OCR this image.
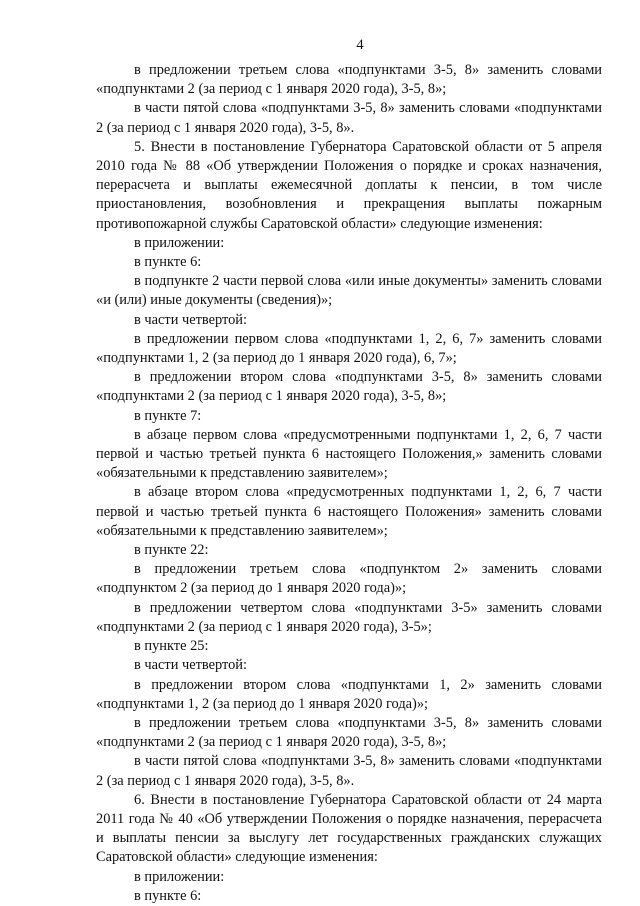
4

в предложении третьем слова «подпунктами 3-5, 8» заменить словами «подпунктами 2 (за период с 1 января 2020 года), 3-5, 8»;

в части пятой слова «подпунктами 3-5, 8» заменить словами «подпунктами 2 (за период с 1 января 2020 года), 3-5, 8».

5. Внести в постановление Губернатора Саратовской области от 5 апреля 2010 года № 88 «Об утверждении Положения о порядке и сроках назначения, перерасчета и выплаты ежемесячной доплаты к пенсии, в том числе приостановления, возобновления и прекращения выплаты пожарным противопожарной службы Саратовской области» следующие изменения:

в приложении:

в пункте 6:

в подпункте 2 части первой слова «или иные документы» заменить словами «и (или) иные документы (сведения)»;

в части четвертой:

в предложении первом слова «подпунктами 1, 2, 6, 7» заменить словами «подпунктами 1, 2 (за период до 1 января 2020 года), 6, 7»;

в предложении втором слова «подпунктами 3-5, 8» заменить словами «подпунктами 2 (за период с 1 января 2020 года), 3-5, 8»;

в пункте 7:

в абзаце первом слова «предусмотренными подпунктами 1, 2, 6, 7 части первой и частью третьей пункта 6 настоящего Положения,» заменить словами «обязательными к представлению заявителем»;

в абзаце втором слова «предусмотренных подпунктами 1, 2, 6, 7 части первой и частью третьей пункта 6 настоящего Положения» заменить словами «обязательными к представлению заявителем»;

в пункте 22:

в предложении третьем слова «подпунктом 2» заменить словами «подпунктом 2 (за период до 1 января 2020 года)»;

в предложении четвертом слова «подпунктами 3-5» заменить словами «подпунктами 2 (за период с 1 января 2020 года), 3-5»;

в пункте 25:

в части четвертой:

в предложении втором слова «подпунктами 1, 2» заменить словами «подпунктами 1, 2 (за период до 1 января 2020 года)»;

в предложении третьем слова «подпунктами 3-5, 8» заменить словами «подпунктами 2 (за период с 1 января 2020 года), 3-5, 8»;

в части пятой слова «подпунктами 3-5, 8» заменить словами «подпунктами 2 (за период с 1 января 2020 года), 3-5, 8».

6. Внести в постановление Губернатора Саратовской области от 24 марта 2011 года № 40 «Об утверждении Положения о порядке назначения, перерасчета и выплаты пенсии за выслугу лет государственных гражданских служащих Саратовской области» следующие изменения:

в приложении:

в пункте 6:
